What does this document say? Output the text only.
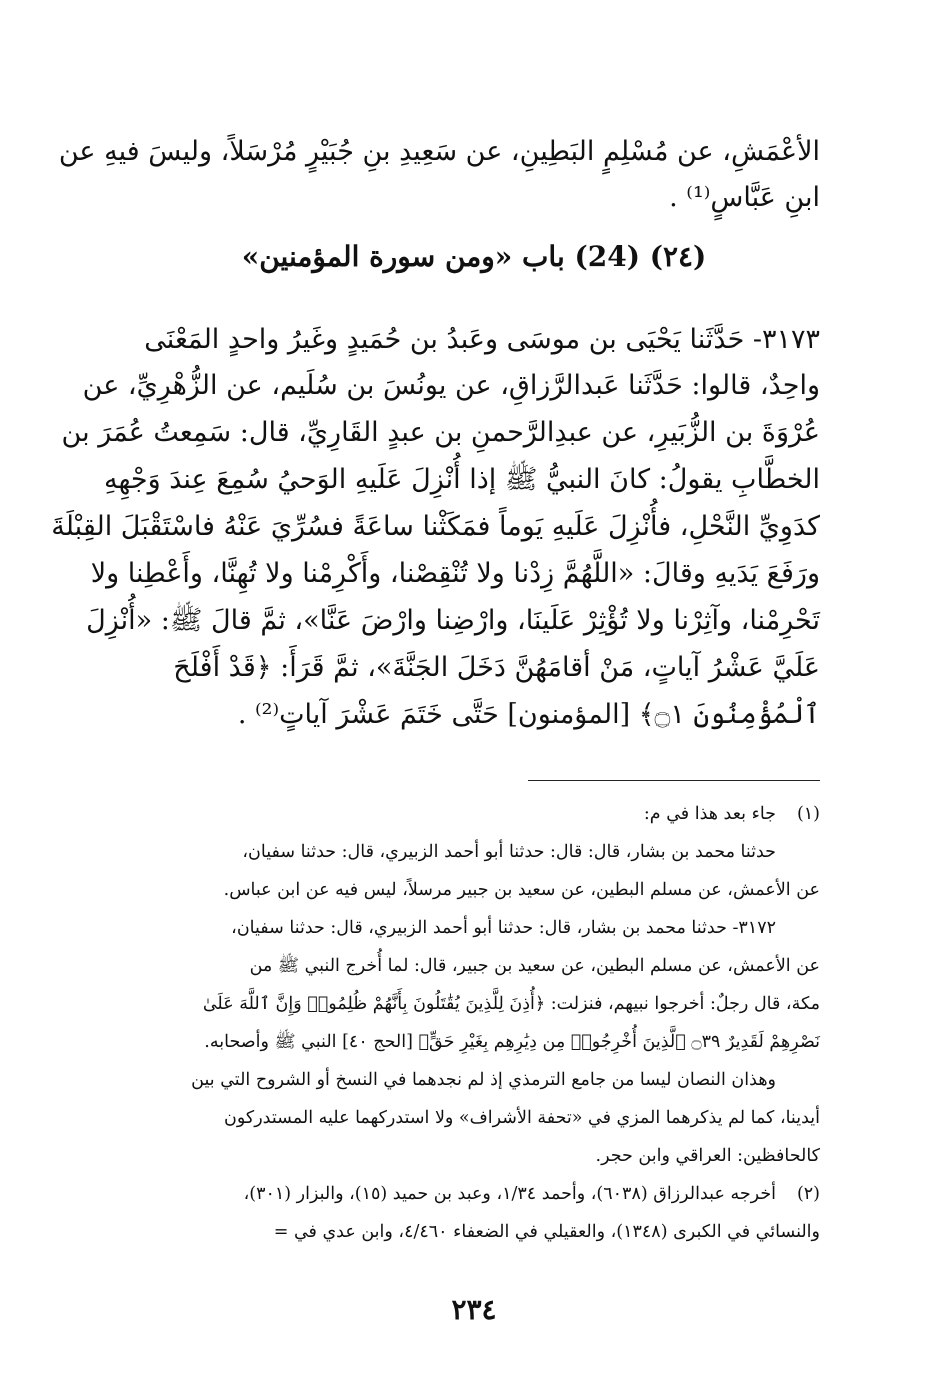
الأعْمَشِ، عن مُسْلِمٍ البَطِينِ، عن سَعِيدِ بنِ جُبَيْرٍ مُرْسَلاً، وليسَ فيهِ عن
ابنِ عَبَّاسٍ⁽¹⁾ .
(٢٤) (24) باب «ومن سورة المؤمنين»
٣١٧٣- حَدَّثَنا يَحْيَى بن موسَى وعَبدُ بن حُمَيدٍ وغَيرُ واحدٍ المَعْنَى
واحِدٌ، قالوا: حَدَّثَنا عَبدالرَّزاقِ، عن يونُسَ بن سُلَيم، عن الزُّهْرِيِّ، عن
عُرْوَةَ بن الزُّبَيرِ، عن عبدِالرَّحمنِ بن عبدٍ القَارِيِّ، قال: سَمِعتُ عُمَرَ بن
الخطَّابِ يقولُ: كانَ النبيُّ ﷺ إذا أُنْزِلَ عَلَيهِ الوَحيُ سُمِعَ عِندَ وَجْهِهِ
كدَوِيِّ النَّحْلِ، فأُنْزِلَ عَلَيهِ يَوماً فمَكَثْنا ساعَةً فسُرِّيَ عَنْهُ فاسْتَقْبَلَ القِبْلَةَ
ورَفَعَ يَدَيهِ وقالَ: «اللَّهُمَّ زِدْنا ولا تُنْقِصْنا، وأَكْرِمْنا ولا تُهِنَّا، وأَعْطِنا ولا
تَحْرِمْنا، وآثِرْنا ولا تُؤْثِرْ عَلَينَا، وارْضِنا وارْضَ عَنَّا»، ثمَّ قالَ ﷺ: «أُنْزِلَ
عَلَيَّ عَشْرُ آياتٍ، مَنْ أقامَهُنَّ دَخَلَ الجَنَّةَ»، ثمَّ قَرَأَ: ﴿قَدْ أَفْلَحَ
ٱلْمُؤْمِنُونَ ۝١﴾ [المؤمنون] حَتَّى خَتَمَ عَشْرَ آياتٍ⁽²⁾ .
(١)
جاء بعد هذا في م:
حدثنا محمد بن بشار، قال: قال: حدثنا أبو أحمد الزبيري، قال: حدثنا سفيان،
عن الأعمش، عن مسلم البطين، عن سعيد بن جبير مرسلاً، ليس فيه عن ابن عباس.
٣١٧٢- حدثنا محمد بن بشار، قال: حدثنا أبو أحمد الزبيري، قال: حدثنا سفيان،
عن الأعمش، عن مسلم البطين، عن سعيد بن جبير، قال: لما أُخرج النبي ﷺ من
مكة، قال رجلٌ: أخرجوا نبيهم، فنزلت: ﴿أُذِنَ لِلَّذِينَ يُقَٰتَلُونَ بِأَنَّهُمْ ظُلِمُوا۟ وَإِنَّ ٱللَّهَ عَلَىٰ
نَصْرِهِمْ لَقَدِيرٌ ۝٣٩ ٱلَّذِينَ أُخْرِجُوا۟ مِن دِيَٰرِهِم بِغَيْرِ حَقٍّ﴾ [الحج ٤٠] النبي ﷺ وأصحابه.
وهذان النصان ليسا من جامع الترمذي إذ لم نجدهما في النسخ أو الشروح التي بين
أيدينا، كما لم يذكرهما المزي في «تحفة الأشراف» ولا استدركهما عليه المستدركون
كالحافظين: العراقي وابن حجر.
(٢)
أخرجه عبدالرزاق (٦٠٣٨)، وأحمد ١/٣٤، وعبد بن حميد (١٥)، والبزار (٣٠١)،
والنسائي في الكبرى (١٣٤٨)، والعقيلي في الضعفاء ٤/٤٦٠، وابن عدي في =
٢٣٤
